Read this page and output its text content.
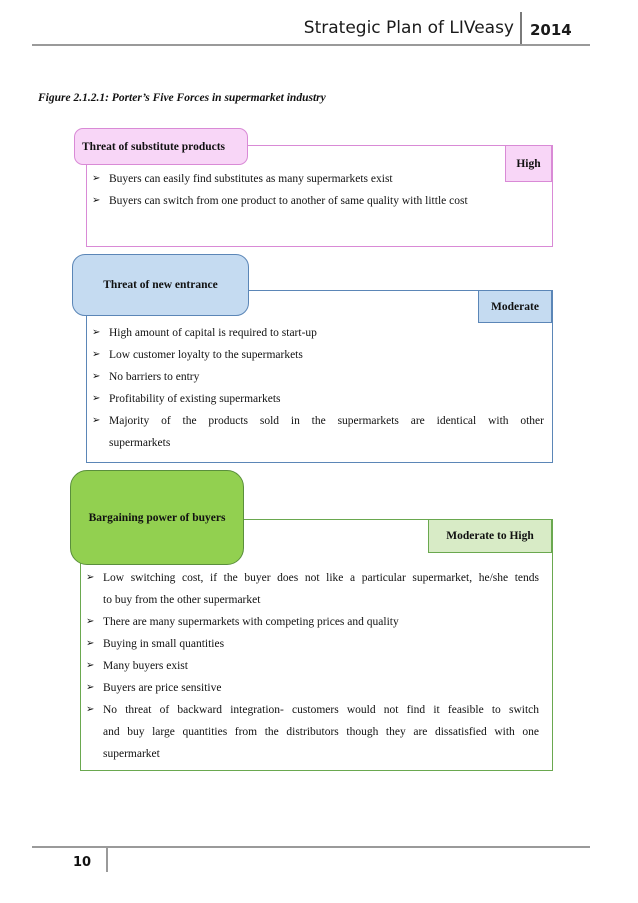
Strategic Plan of LIVeasy 2014
Figure 2.1.2.1: Porter’s Five Forces in supermarket industry
Threat of substitute products
High
➢ Buyers can easily find substitutes as many supermarkets exist
➢ Buyers can switch from one product to another of same quality with little cost
Threat of new entrance
Moderate
➢ High amount of capital is required to start-up
➢ Low customer loyalty to the supermarkets
➢ No barriers to entry
➢ Profitability of existing supermarkets
➢ Majority of the products sold in the supermarkets are identical with other
supermarkets
Bargaining power of buyers
Moderate to High
➢ Low switching cost, if the buyer does not like a particular supermarket, he/she tends
to buy from the other supermarket
➢ There are many supermarkets with competing prices and quality
➢ Buying in small quantities
➢ Many buyers exist
➢ Buyers are price sensitive
➢ No threat of backward integration- customers would not find it feasible to switch
and buy large quantities from the distributors though they are dissatisfied with one
supermarket
10
